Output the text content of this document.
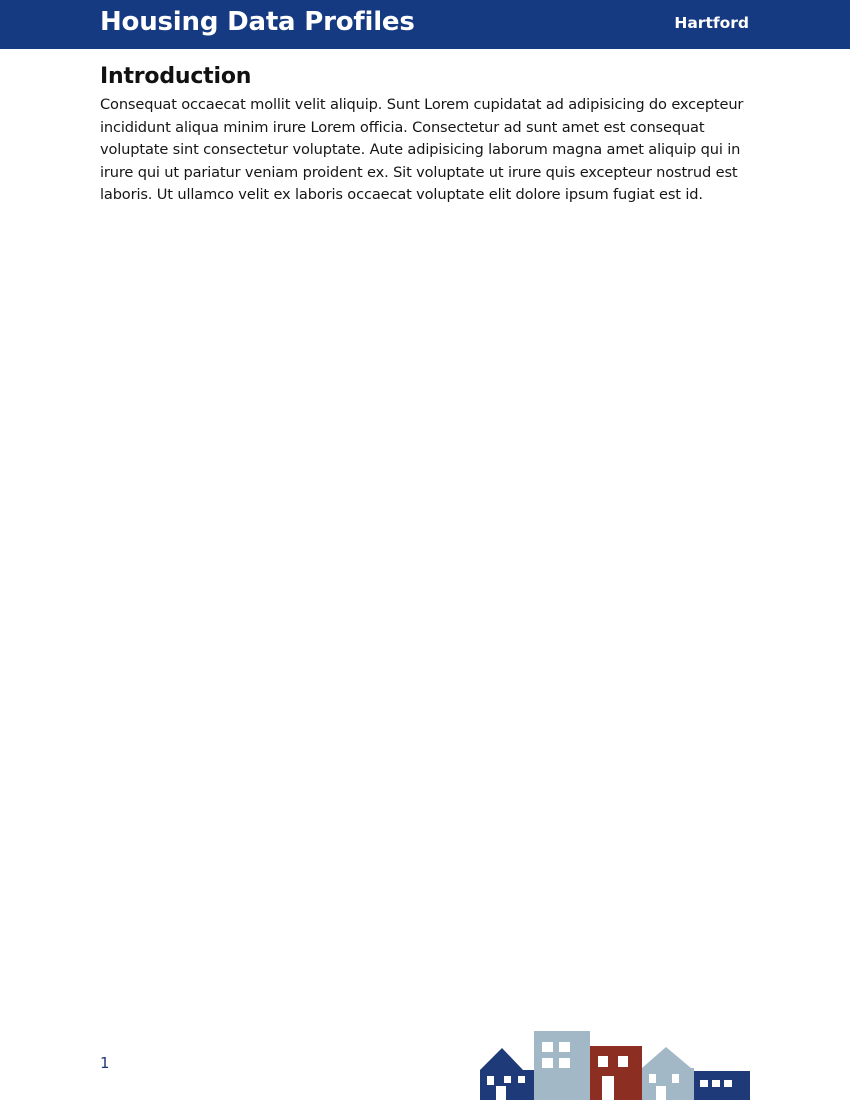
Housing Data Profiles	Hartford
Introduction

Consequat occaecat mollit velit aliquip. Sunt Lorem cupidatat ad adipisicing do excepteur incididunt aliqua minim irure Lorem officia. Consectetur ad sunt amet est consequat voluptate sint consectetur voluptate. Aute adipisicing laborum magna amet aliquip qui in irure qui ut pariatur veniam proident ex. Sit voluptate ut irure quis excepteur nostrud est laboris. Ut ullamco velit ex laboris occaecat voluptate elit dolore ipsum fugiat est id.

1
